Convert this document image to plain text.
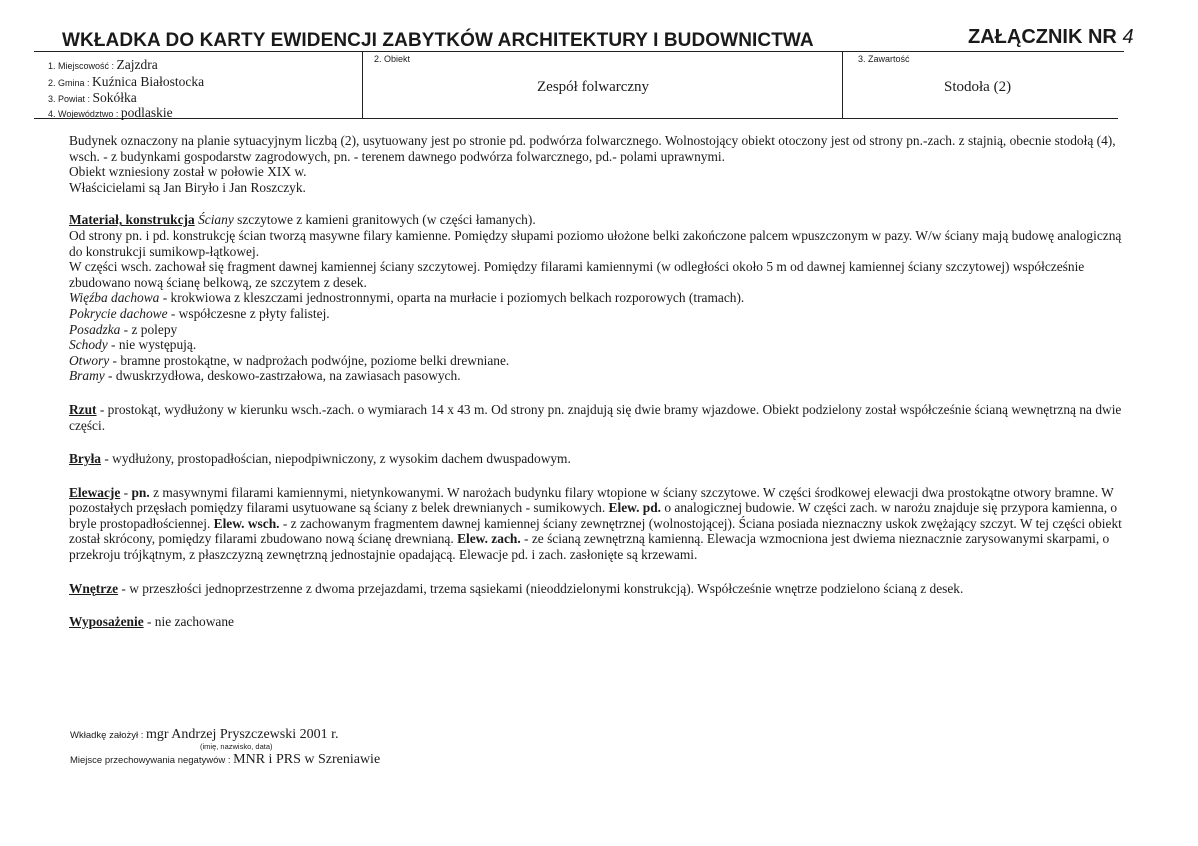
WKŁADKA DO KARTY EWIDENCJI ZABYTKÓW ARCHITEKTURY I BUDOWNICTWA	ZAŁĄCZNIK NR 4
1. Miejscowość : Zajzdra
2. Gmina : Kuźnica Białostocka
3. Powiat : Sokółka
4. Województwo : podlaskie
2. Obiekt
Zespół folwarczny
3. Zawartość
Stodoła (2)

Budynek oznaczony na planie sytuacyjnym liczbą (2), usytuowany jest po stronie pd. podwórza folwarcznego. Wolnostojący obiekt otoczony jest od strony pn.-zach. z stajnią, obecnie stodołą (4), wsch. - z budynkami gospodarstw zagrodowych, pn. - terenem dawnego podwórza folwarcznego, pd.- polami uprawnymi.

Obiekt wzniesiony został w połowie XIX w.

Właścicielami są Jan Biryło i Jan Roszczyk.

Materiał, konstrukcja Ściany szczytowe z kamieni granitowych (w części łamanych).

Od strony pn. i pd. konstrukcję ścian tworzą masywne filary kamienne. Pomiędzy słupami poziomo ułożone belki zakończone palcem wpuszczonym w pazy. W/w ściany mają budowę analogiczną do konstrukcji sumikowp-łątkowej.

W części wsch. zachował się fragment dawnej kamiennej ściany szczytowej. Pomiędzy filarami kamiennymi (w odległości około 5 m od dawnej kamiennej ściany szczytowej) współcześnie zbudowano nową ścianę belkową, ze szczytem z desek.

Więźba dachowa - krokwiowa z kleszczami jednostronnymi, oparta na murłacie i poziomych belkach rozporowych (tramach).

Pokrycie dachowe - współczesne z płyty falistej.

Posadzka - z polepy

Schody - nie występują.

Otwory - bramne prostokątne, w nadprożach podwójne, poziome belki drewniane.

Bramy - dwuskrzydłowa, deskowo-zastrzałowa, na zawiasach pasowych.

Rzut - prostokąt, wydłużony w kierunku wsch.-zach. o wymiarach 14 x 43 m. Od strony pn. znajdują się dwie bramy wjazdowe. Obiekt podzielony został współcześnie ścianą wewnętrzną na dwie części.

Bryła - wydłużony, prostopadłościan, niepodpiwniczony, z wysokim dachem dwuspadowym.

Elewacje - pn. z masywnymi filarami kamiennymi, nietynkowanymi. W narożach budynku filary wtopione w ściany szczytowe. W części środkowej elewacji dwa prostokątne otwory bramne. W pozostałych przęsłach pomiędzy filarami usytuowane są ściany z belek drewnianych - sumikowych. Elew. pd. o analogicznej budowie. W części zach. w narożu znajduje się przypora kamienna, o bryle prostopadłościennej. Elew. wsch. - z zachowanym fragmentem dawnej kamiennej ściany zewnętrznej (wolnostojącej). Ściana posiada nieznaczny uskok zwężający szczyt. W tej części obiekt został skrócony, pomiędzy filarami zbudowano nową ścianę drewnianą. Elew. zach. - ze ścianą zewnętrzną kamienną. Elewacja wzmocniona jest dwiema nieznacznie zarysowanymi skarpami, o przekroju trójkątnym, z płaszczyzną zewnętrzną jednostajnie opadającą. Elewacje pd. i zach. zasłonięte są krzewami.

Wnętrze - w przeszłości jednoprzestrzenne z dwoma przejazdami, trzema sąsiekami (nieoddzielonymi konstrukcją). Współcześnie wnętrze podzielono ścianą z desek.

Wyposażenie - nie zachowane

Wkładkę założył : mgr Andrzej Pryszczewski 2001 r.
(imię, nazwisko, data)
Miejsce przechowywania negatywów : MNR i PRS w Szreniawie
